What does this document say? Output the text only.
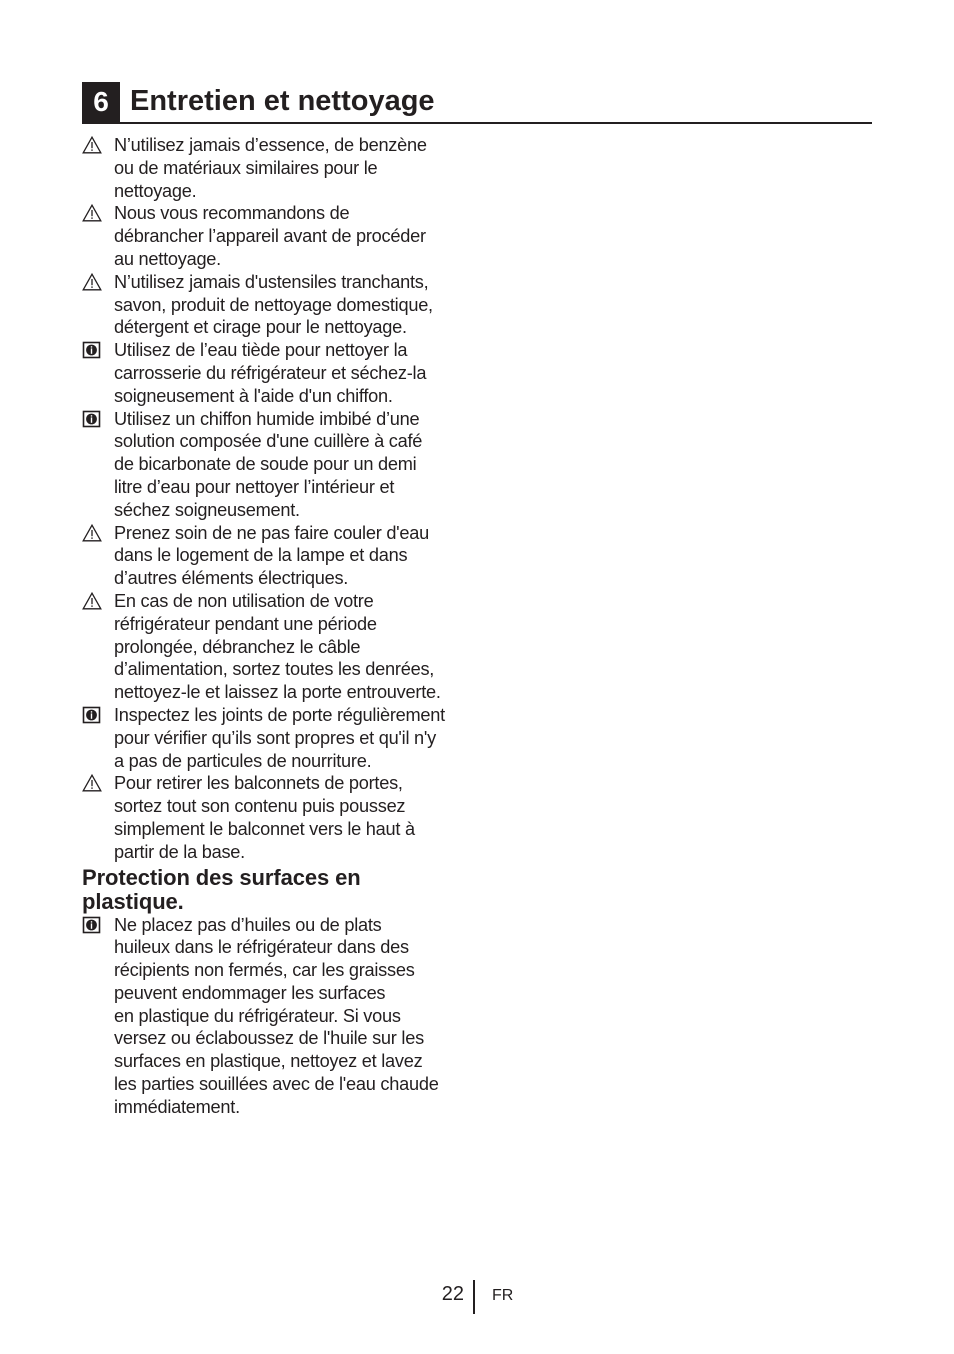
6 Entretien et nettoyage
N’utilisez jamais d’essence, de benzène
ou de matériaux similaires pour le
nettoyage.
Nous vous recommandons de
débrancher l’appareil avant de procéder
au nettoyage.
N’utilisez jamais d'ustensiles tranchants,
savon, produit de nettoyage domestique,
détergent et cirage pour le nettoyage.
Utilisez de l’eau tiède pour nettoyer la
carrosserie du réfrigérateur et séchez-la
soigneusement à l'aide d'un chiffon.
Utilisez un chiffon humide imbibé d’une
solution composée d'une cuillère à café
de bicarbonate de soude pour un demi
litre d’eau pour nettoyer l’intérieur et
séchez soigneusement.
Prenez soin de ne pas faire couler d'eau
dans le logement de la lampe et dans
d’autres éléments électriques.
En cas de non utilisation de votre
réfrigérateur pendant une période
prolongée, débranchez le câble
d’alimentation, sortez toutes les denrées,
nettoyez-le et laissez la porte entrouverte.
Inspectez les joints de porte régulièrement
pour vérifier qu’ils sont propres et qu'il n'y
a pas de particules de nourriture.
Pour retirer les balconnets de portes,
sortez tout son contenu puis poussez
simplement le balconnet vers le haut à
partir de la base.
Protection des surfaces en
plastique.
Ne placez pas d’huiles ou de plats
huileux dans le réfrigérateur dans des
récipients non fermés, car les graisses
peuvent endommager les surfaces
en plastique du réfrigérateur. Si vous
versez ou éclaboussez de l'huile sur les
surfaces en plastique, nettoyez et lavez
les parties souillées avec de l'eau chaude
immédiatement.
22 FR
